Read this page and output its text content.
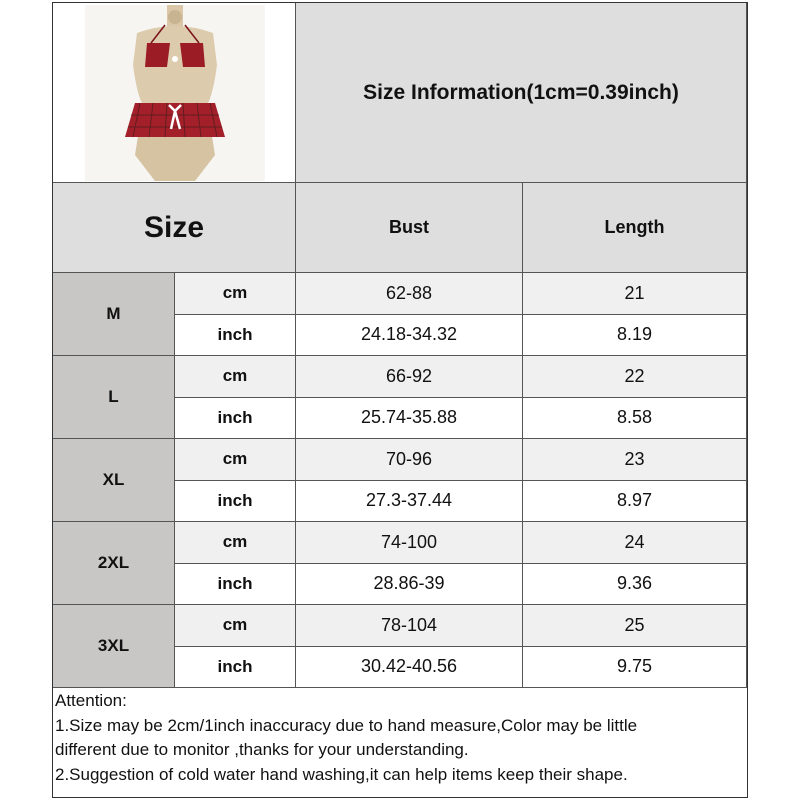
Size Information(1cm=0.39inch)
Size	Bust	Length
M
cm	62-88	21
inch	24.18-34.32	8.19
L
cm	66-92	22
inch	25.74-35.88	8.58
XL
cm	70-96	23
inch	27.3-37.44	8.97
2XL
cm	74-100	24
inch	28.86-39	9.36
3XL
cm	78-104	25
inch	30.42-40.56	9.75
Attention:
1.Size may be 2cm/1inch inaccuracy due to hand measure,Color may be little
different due to monitor ,thanks for your understanding.
2.Suggestion of cold water hand washing,it can help items keep their shape.
